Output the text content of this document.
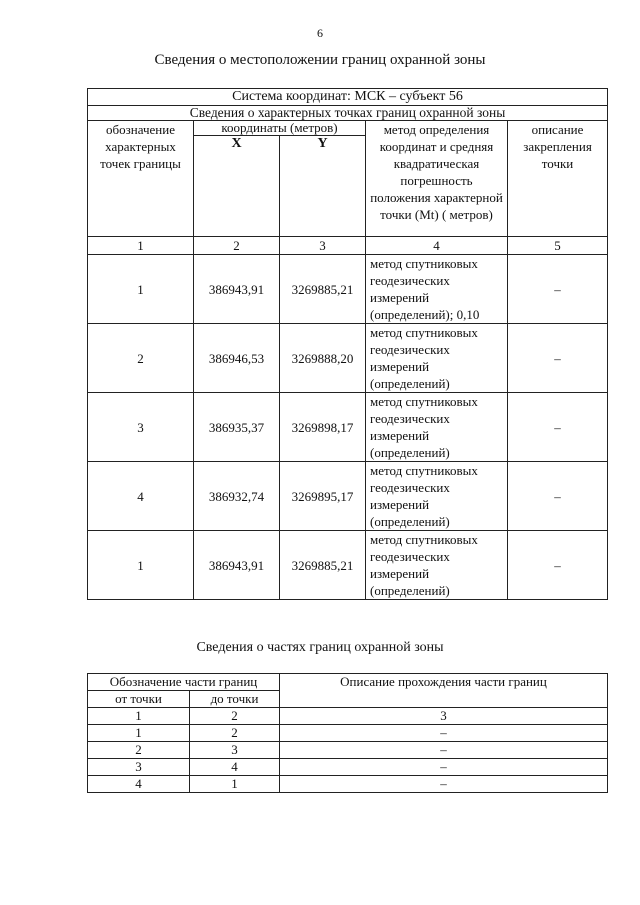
6
Сведения о местоположении границ охранной зоны
Система координат: МСК – субъект 56				
Сведения о характерных точках границ охранной зоны				
обозначение характерных точек границы	координаты (метров)		метод определения координат и средняя квадратическая погрешность положения характерной точки (Mt) ( метров)	описание закрепления точки

	X	Y		

1	2	3	4	5
1	386943,91	3269885,21	метод спутниковых геодезических измерений (определений); 0,10	–
2	386946,53	3269888,20	метод спутниковых геодезических измерений (определений)	–
3	386935,37	3269898,17	метод спутниковых геодезических измерений (определений)	–
4	386932,74	3269895,17	метод спутниковых геодезических измерений (определений)	–
1	386943,91	3269885,21	метод спутниковых геодезических измерений (определений)	–
Сведения о частях границ охранной зоны
Обозначение части границ		Описание прохождения части границ
от точки	до точки	
1	2	3
1	2	–
2	3	–
3	4	–
4	1	–
